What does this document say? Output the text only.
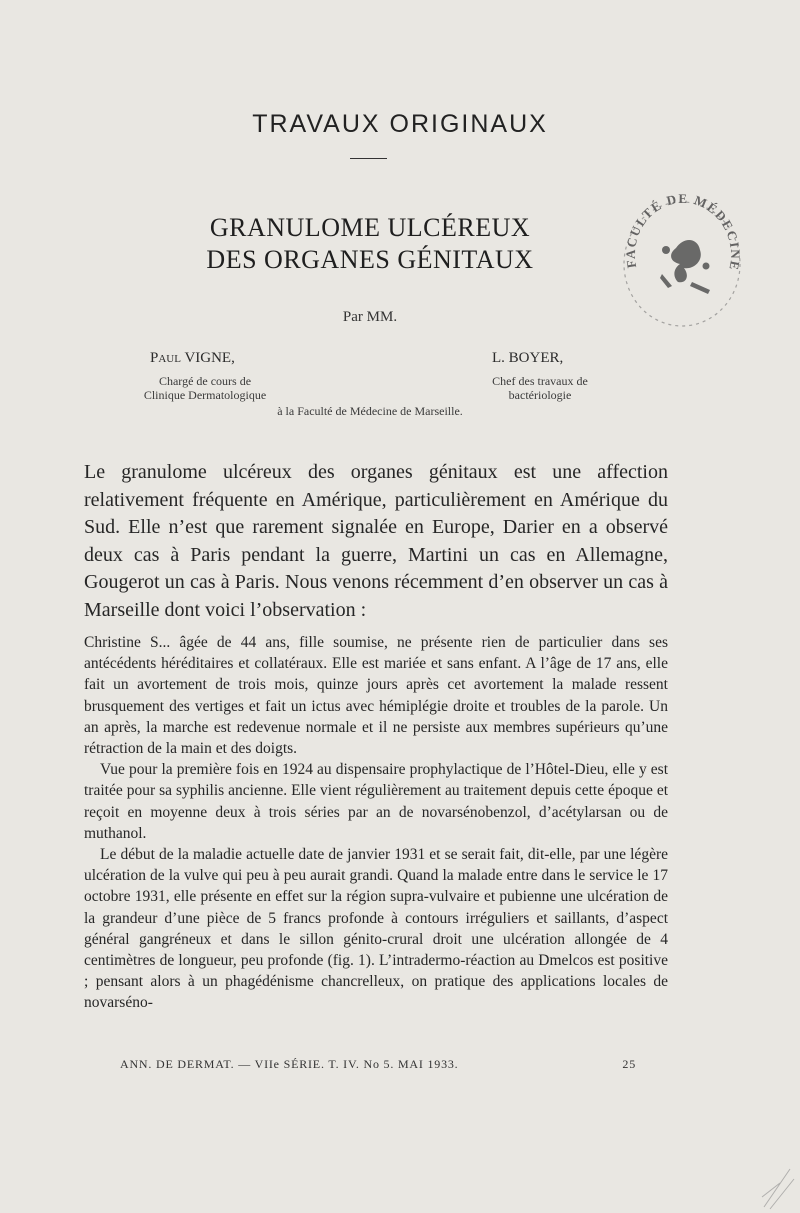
TRAVAUX ORIGINAUX
GRANULOME ULCÉREUX
DES ORGANES GÉNITAUX
Par MM.
Paul VIGNE,	L. BOYER,
Chargé de cours de
Clinique Dermatologique
Chef des travaux de
bactériologie
à la Faculté de Médecine de Marseille.
Le granulome ulcéreux des organes génitaux est une affection relativement fréquente en Amérique, particulièrement en Amérique du Sud. Elle n’est que rarement signalée en Europe, Darier en a observé deux cas à Paris pendant la guerre, Martini un cas en Allemagne, Gougerot un cas à Paris. Nous venons récemment d’en observer un cas à Marseille dont voici l’observation :

Christine S... âgée de 44 ans, fille soumise, ne présente rien de particulier dans ses antécédents héréditaires et collatéraux. Elle est mariée et sans enfant. A l’âge de 17 ans, elle fait un avortement de trois mois, quinze jours après cet avortement la malade ressent brusquement des vertiges et fait un ictus avec hémiplégie droite et troubles de la parole. Un an après, la marche est redevenue normale et il ne persiste aux membres supérieurs qu’une rétraction de la main et des doigts.

Vue pour la première fois en 1924 au dispensaire prophylactique de l’Hôtel-Dieu, elle y est traitée pour sa syphilis ancienne. Elle vient régulièrement au traitement depuis cette époque et reçoit en moyenne deux à trois séries par an de novarsénobenzol, d’acétylarsan ou de muthanol.

Le début de la maladie actuelle date de janvier 1931 et se serait fait, dit-elle, par une légère ulcération de la vulve qui peu à peu aurait grandi. Quand la malade entre dans le service le 17 octobre 1931, elle présente en effet sur la région supra-vulvaire et pubienne une ulcération de la grandeur d’une pièce de 5 francs profonde à contours irréguliers et saillants, d’aspect général gangréneux et dans le sillon génito-crural droit une ulcération allongée de 4 centimètres de longueur, peu profonde (fig. 1). L’intradermo-réaction au Dmelcos est positive ; pensant alors à un phagédénisme chancrelleux, on pratique des applications locales de novarséno-

ANN. DE DERMAT. — VIIe SÉRIE. T. IV. No 5. MAI 1933.	25
FACULTÉ DE MÉDECINE
